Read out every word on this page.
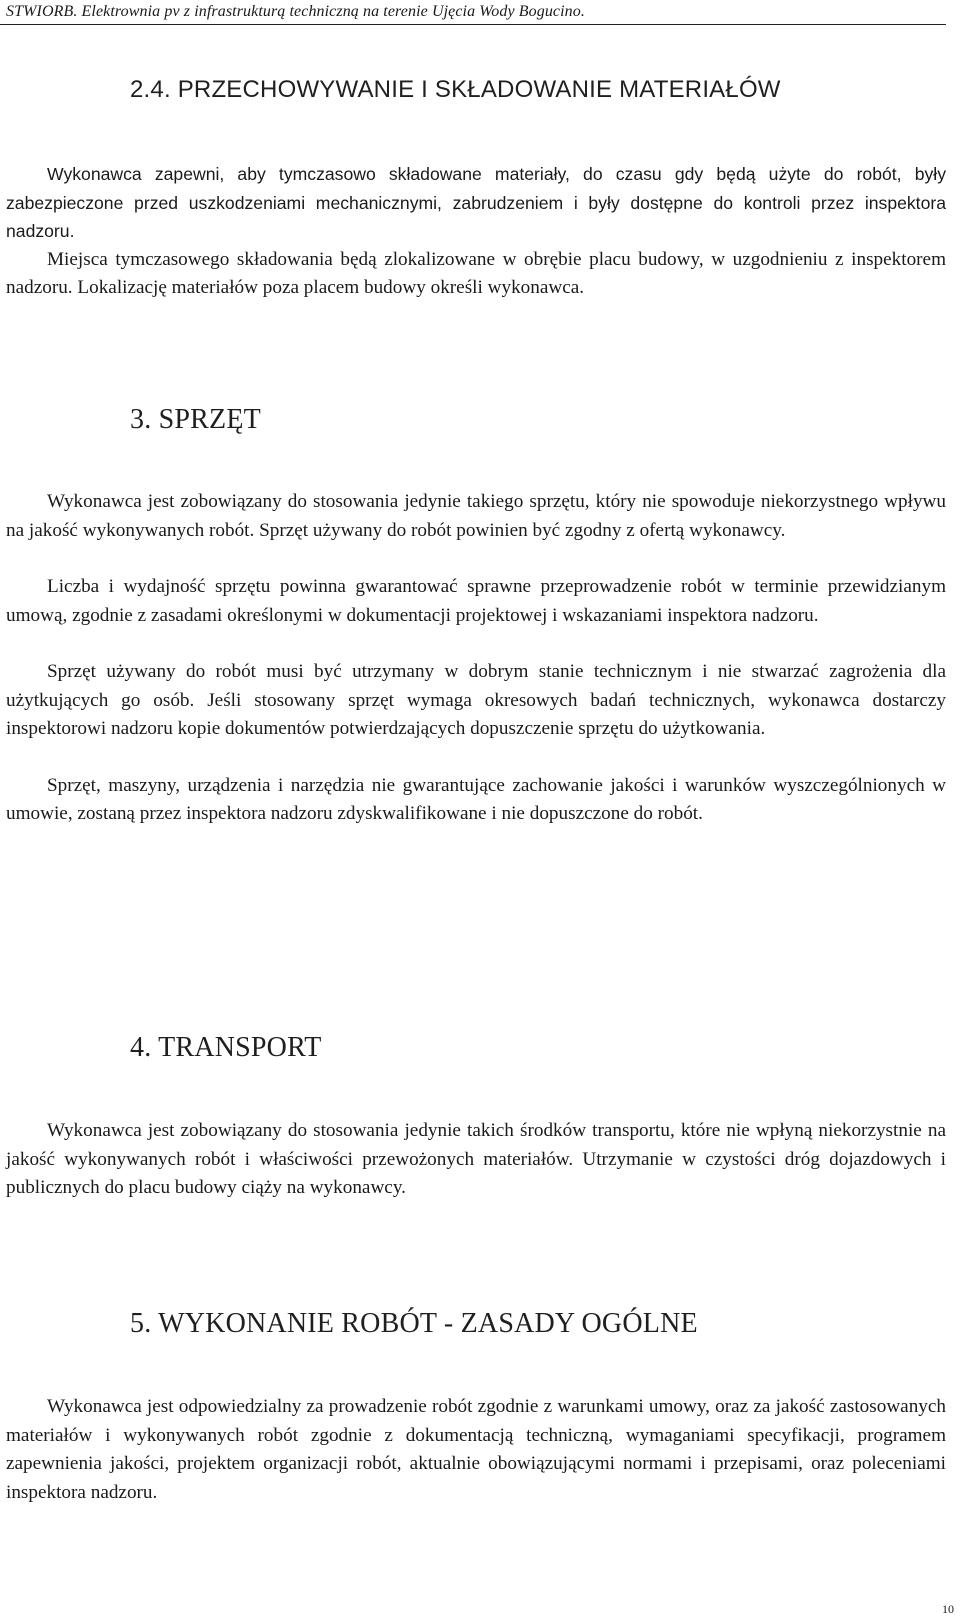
STWIORB. Elektrownia pv z infrastrukturą techniczną na terenie Ujęcia Wody Bogucino.
2.4. PRZECHOWYWANIE I SKŁADOWANIE MATERIAŁÓW

Wykonawca zapewni, aby tymczasowo składowane materiały, do czasu gdy będą użyte do robót, były zabezpieczone przed uszkodzeniami mechanicznymi, zabrudzeniem i były dostępne do kontroli przez inspektora nadzoru.

Miejsca tymczasowego składowania będą zlokalizowane w obrębie placu budowy, w uzgodnieniu z inspektorem nadzoru. Lokalizację materiałów poza placem budowy określi wykonawca.

3. SPRZĘT

Wykonawca jest zobowiązany do stosowania jedynie takiego sprzętu, który nie spowoduje niekorzystnego wpływu na jakość wykonywanych robót. Sprzęt używany do robót powinien być zgodny z ofertą wykonawcy.

Liczba i wydajność sprzętu powinna gwarantować sprawne przeprowadzenie robót w terminie przewidzianym umową, zgodnie z zasadami określonymi w dokumentacji projektowej i wskazaniami inspektora nadzoru.

Sprzęt używany do robót musi być utrzymany w dobrym stanie technicznym i nie stwarzać zagrożenia dla użytkujących go osób. Jeśli stosowany sprzęt wymaga okresowych badań technicznych, wykonawca dostarczy inspektorowi nadzoru kopie dokumentów potwierdzających dopuszczenie sprzętu do użytkowania.

Sprzęt, maszyny, urządzenia i narzędzia nie gwarantujące zachowanie jakości i warunków wyszczególnionych w umowie, zostaną przez inspektora nadzoru zdyskwalifikowane i nie dopuszczone do robót.

4. TRANSPORT

Wykonawca jest zobowiązany do stosowania jedynie takich środków transportu, które nie wpłyną niekorzystnie na jakość wykonywanych robót i właściwości przewożonych materiałów. Utrzymanie w czystości dróg dojazdowych i publicznych do placu budowy ciąży na wykonawcy.

5. WYKONANIE ROBÓT - ZASADY OGÓLNE

Wykonawca jest odpowiedzialny za prowadzenie robót zgodnie z warunkami umowy, oraz za jakość zastosowanych materiałów i wykonywanych robót zgodnie z dokumentacją techniczną, wymaganiami specyfikacji, programem zapewnienia jakości, projektem organizacji robót, aktualnie obowiązującymi normami i przepisami, oraz poleceniami inspektora nadzoru.

10
